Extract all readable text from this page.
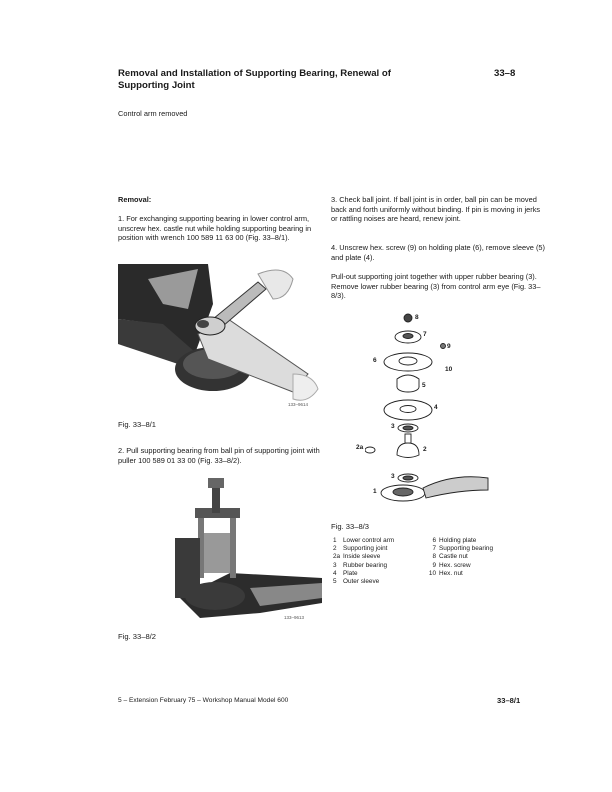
Removal and Installation of Supporting Bearing, Renewal of Supporting Joint
33–8
Control arm removed
Removal:
1. For exchanging supporting bearing in lower control arm, unscrew hex. castle nut while holding supporting bearing in position with wrench 100 589 11 63 00 (Fig. 33–8/1).
133–9614
Fig. 33–8/1
2. Pull supporting bearing from ball pin of supporting joint with puller 100 589 01 33 00 (Fig. 33–8/2).
133–9613
Fig. 33–8/2
3. Check ball joint. If ball joint is in order, ball pin can be moved back and forth uniformly without binding. If pin is moving in jerks or rattling noises are heard, renew joint.
4. Unscrew hex. screw (9) on holding plate (6), remove sleeve (5) and plate (4).
Pull-out supporting joint together with upper rubber bearing (3). Remove lower rubber bearing (3) from control arm eye (Fig. 33–8/3).
8
7
9
6
10
5
4
3
2a	2
3
1
Fig. 33–8/3
1 Lower control arm
2 Supporting joint
2a Inside sleeve
3 Rubber bearing
4 Plate
5 Outer sleeve
6 Holding plate
7 Supporting bearing
8 Castle nut
9 Hex. screw
10 Hex. nut
5 – Extension February 75 – Workshop Manual Model 600	33–8/1
